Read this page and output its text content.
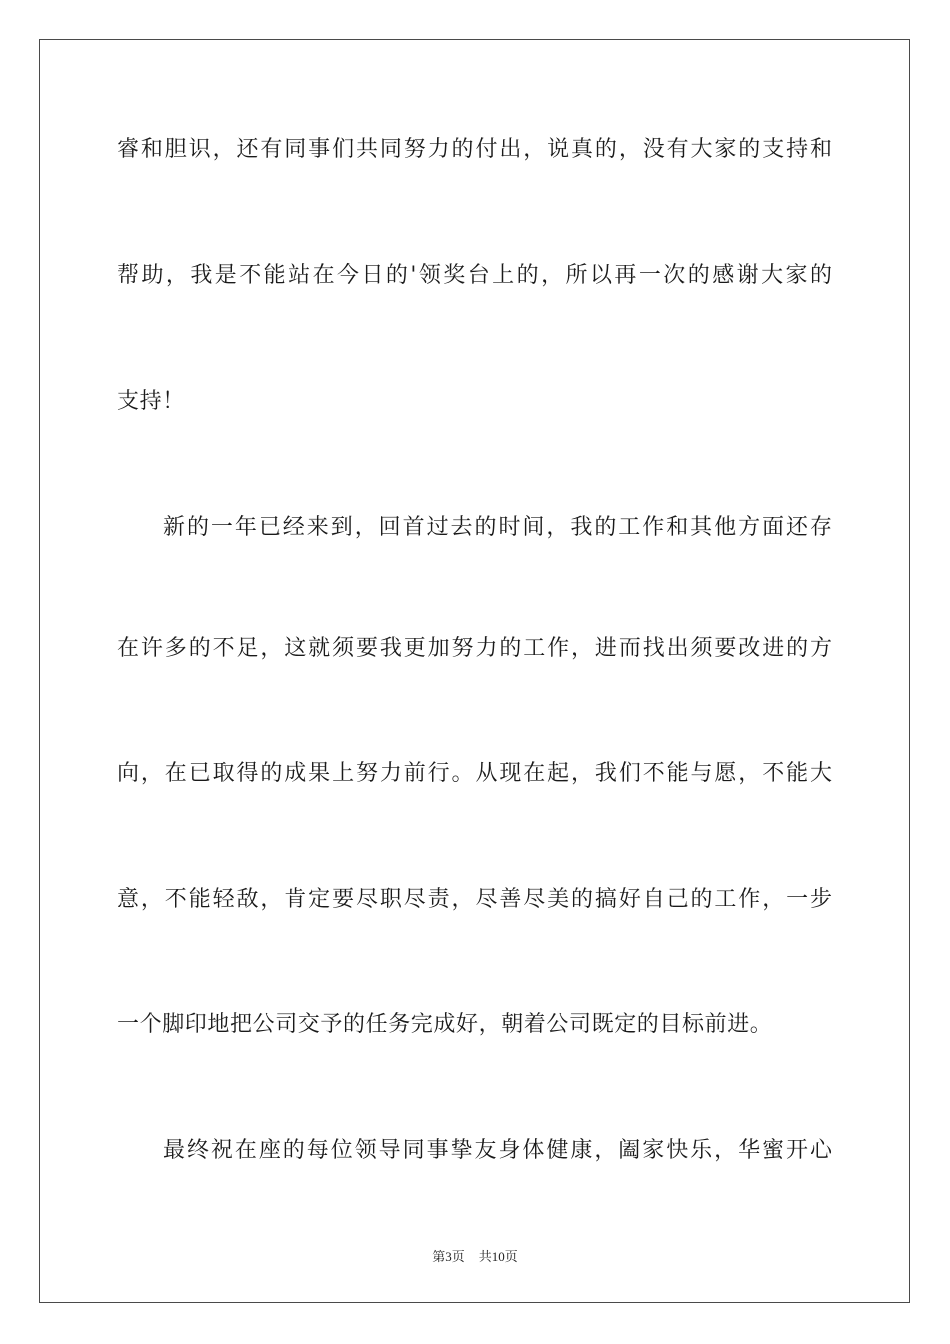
睿和胆识，还有同事们共同努力的付出，说真的，没有大家的支持和
帮助，我是不能站在今日的'领奖台上的，所以再一次的感谢大家的
支持！
新的一年已经来到，回首过去的时间，我的工作和其他方面还存
在许多的不足，这就须要我更加努力的工作，进而找出须要改进的方
向，在已取得的成果上努力前行。从现在起，我们不能与愿，不能大
意，不能轻敌，肯定要尽职尽责，尽善尽美的搞好自己的工作，一步
一个脚印地把公司交予的任务完成好，朝着公司既定的目标前进。
最终祝在座的每位领导同事挚友身体健康，阖家快乐，华蜜开心
第3页 共10页
